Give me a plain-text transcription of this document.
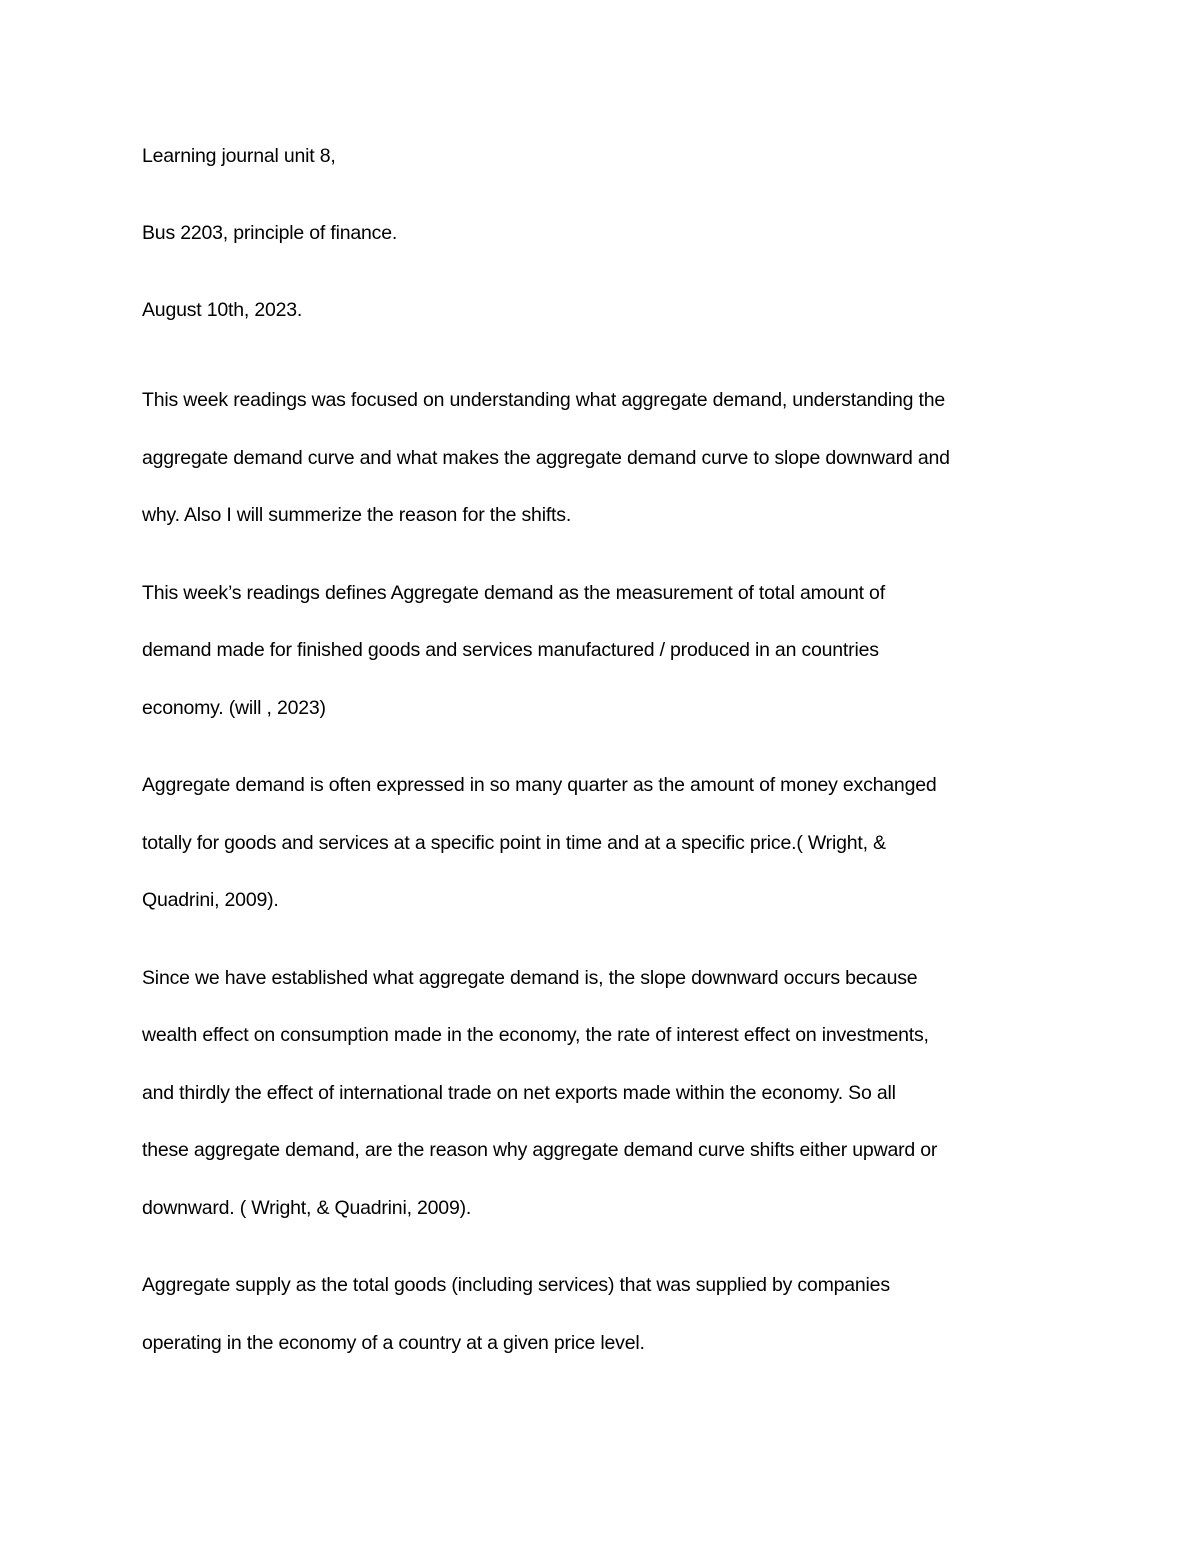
Learning journal unit 8,

Bus 2203, principle of finance.

August 10th, 2023.

This week readings was focused on understanding what aggregate demand, understanding the
aggregate demand curve and what makes the aggregate demand curve to slope downward and
why. Also I will summerize the reason for the shifts.

This week’s readings defines Aggregate demand as the measurement of total amount of
demand made for finished goods and services manufactured / produced in an countries
economy. (will , 2023)

Aggregate demand is often expressed in so many quarter as the amount of money exchanged
totally for goods and services at a specific point in time and at a specific price.( Wright, &
Quadrini, 2009).

Since we have established what aggregate demand is, the slope downward occurs because
wealth effect on consumption made in the economy, the rate of interest effect on investments,
and thirdly the effect of international trade on net exports made within the economy. So all
these aggregate demand, are the reason why aggregate demand curve shifts either upward or
downward. ( Wright, & Quadrini, 2009).

Aggregate supply as the total goods (including services) that was supplied by companies
operating in the economy of a country at a given price level.
